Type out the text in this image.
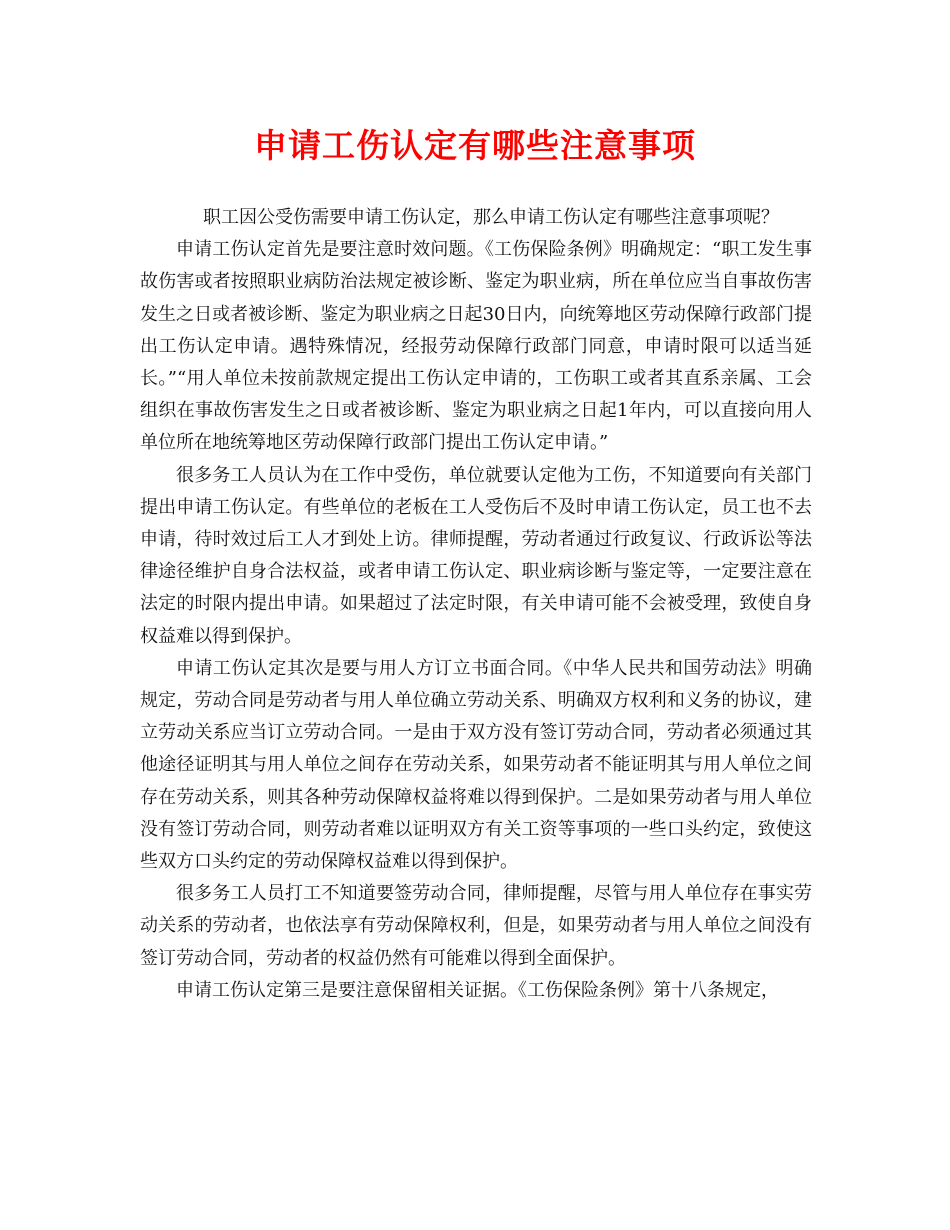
申请工伤认定有哪些注意事项

职工因公受伤需要申请工伤认定，那么申请工伤认定有哪些注意事项呢？

申请工伤认定首先是要注意时效问题。《工伤保险条例》明确规定：“职工发生事故伤害或者按照职业病防治法规定被诊断、鉴定为职业病，所在单位应当自事故伤害发生之日或者被诊断、鉴定为职业病之日起30日内，向统筹地区劳动保障行政部门提出工伤认定申请。遇特殊情况，经报劳动保障行政部门同意，申请时限可以适当延长。”“用人单位未按前款规定提出工伤认定申请的，工伤职工或者其直系亲属、工会组织在事故伤害发生之日或者被诊断、鉴定为职业病之日起1年内，可以直接向用人单位所在地统筹地区劳动保障行政部门提出工伤认定申请。”

很多务工人员认为在工作中受伤，单位就要认定他为工伤，不知道要向有关部门提出申请工伤认定。有些单位的老板在工人受伤后不及时申请工伤认定，员工也不去申请，待时效过后工人才到处上访。律师提醒，劳动者通过行政复议、行政诉讼等法律途径维护自身合法权益，或者申请工伤认定、职业病诊断与鉴定等，一定要注意在法定的时限内提出申请。如果超过了法定时限，有关申请可能不会被受理，致使自身权益难以得到保护。

申请工伤认定其次是要与用人方订立书面合同。《中华人民共和国劳动法》明确规定，劳动合同是劳动者与用人单位确立劳动关系、明确双方权利和义务的协议，建立劳动关系应当订立劳动合同。一是由于双方没有签订劳动合同，劳动者必须通过其他途径证明其与用人单位之间存在劳动关系，如果劳动者不能证明其与用人单位之间存在劳动关系，则其各种劳动保障权益将难以得到保护。二是如果劳动者与用人单位没有签订劳动合同，则劳动者难以证明双方有关工资等事项的一些口头约定，致使这些双方口头约定的劳动保障权益难以得到保护。

很多务工人员打工不知道要签劳动合同，律师提醒，尽管与用人单位存在事实劳动关系的劳动者，也依法享有劳动保障权利，但是，如果劳动者与用人单位之间没有签订劳动合同，劳动者的权益仍然有可能难以得到全面保护。

申请工伤认定第三是要注意保留相关证据。《工伤保险条例》第十八条规定，
